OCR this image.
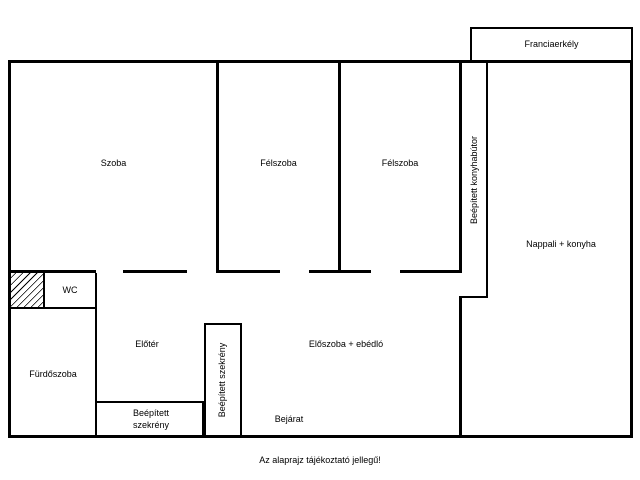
Franciaerkély
WC
Fürdőszoba
Előtér
Beépített
szekrény
Beépített szekrény	Előszoba + ebédló
Bejárat
Szoba	Félszoba	Félszoba	Beépített konyhabútor
Nappali + konyha
Az alaprajz tájékoztató jellegű!
